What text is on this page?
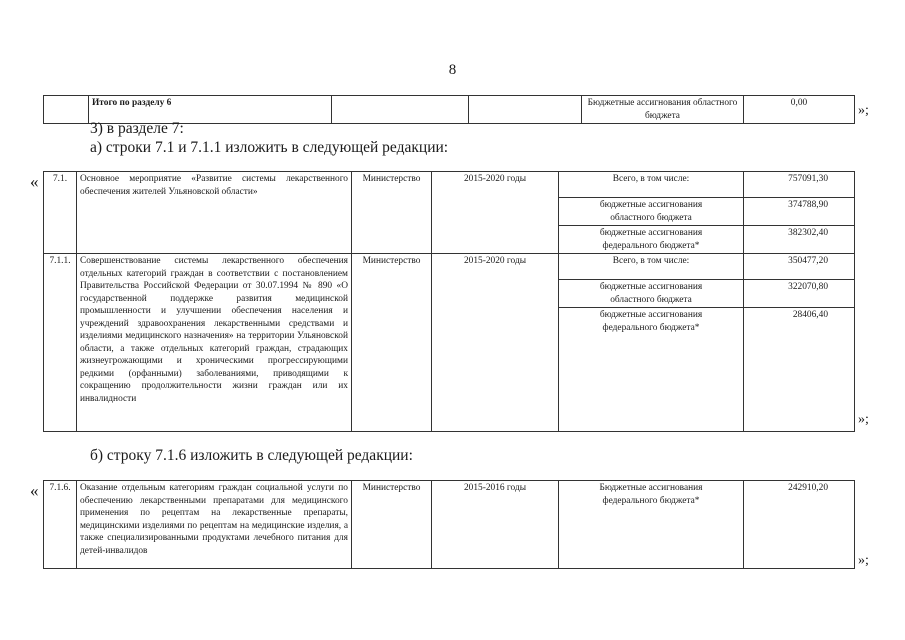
8
	Итого по разделу 6			Бюджетные ассигнования областного бюджета	0,00	»;
3) в разделе 7:
а) строки 7.1 и 7.1.1 изложить в следующей редакции:
« 7.1.	Основное мероприятие «Развитие системы лекарственного обеспечения жителей Ульяновской области»	Министерство	2015-2020 годы	Всего, в том числе:	757091,30
				бюджетные ассигнования областного бюджета	374788,90
				бюджетные ассигнования федерального бюджета*	382302,40
7.1.1.	Совершенствование системы лекарственного обеспечения отдельных категорий граждан в соответствии с постановлением Правительства Российской Федерации от 30.07.1994 № 890 «О государственной поддержке развития медицинской промышленности и улучшении обеспечения населения и учреждений здравоохранения лекарственными средствами и изделиями медицинского назначения» на территории Ульяновской области, а также отдельных категорий граждан, страдающих жизнеугрожающими и хроническими прогрессирующими редкими (орфанными) заболеваниями, приводящими к сокращению продолжительности жизни граждан или их инвалидности	Министерство	2015-2020 годы	Всего, в том числе:	350477,20
				бюджетные ассигнования областного бюджета	322070,80
				бюджетные ассигнования федерального бюджета*	28406,40
»;
б) строку 7.1.6 изложить в следующей редакции:
« 7.1.6.	Оказание отдельным категориям граждан социальной услуги по обеспечению лекарственными препаратами для медицинского применения по рецептам на лекарственные препараты, медицинскими изделиями по рецептам на медицинские изделия, а также специализированными продуктами лечебного питания для детей-инвалидов	Министерство	2015-2016 годы	Бюджетные ассигнования федерального бюджета*	242910,20
»;
